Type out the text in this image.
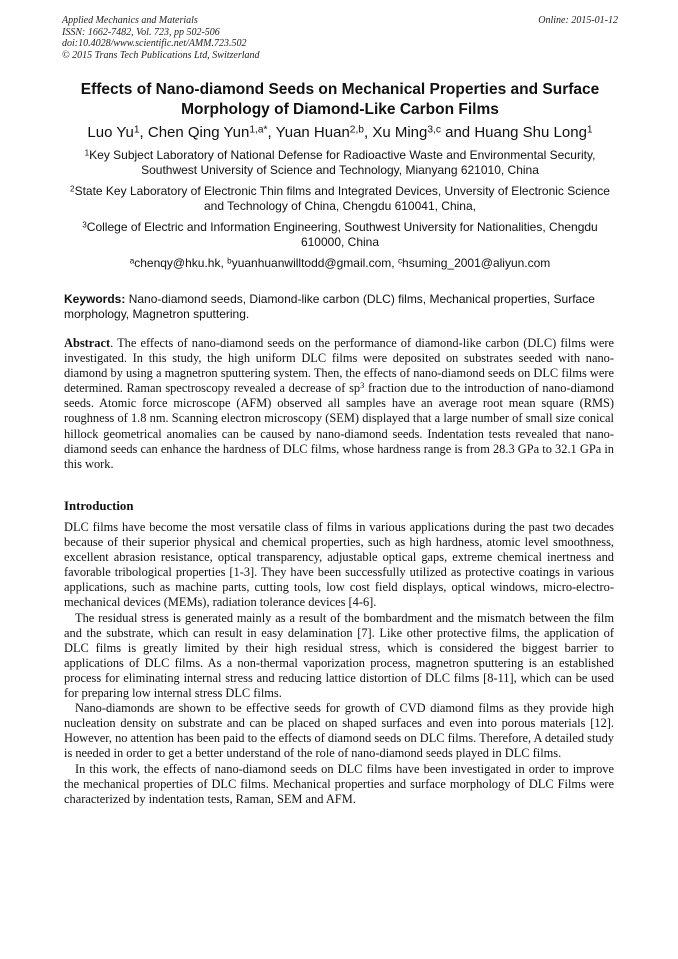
Applied Mechanics and Materials
ISSN: 1662-7482, Vol. 723, pp 502-506
doi:10.4028/www.scientific.net/AMM.723.502
© 2015 Trans Tech Publications Ltd, Switzerland
Online: 2015-01-12
Effects of Nano-diamond Seeds on Mechanical Properties and Surface Morphology of Diamond-Like Carbon Films
Luo Yu$^1$, Chen Qing Yun$^{1,a*}$, Yuan Huan$^{2,b}$, Xu Ming$^{3,c}$ and Huang Shu Long$^1$
$^1$Key Subject Laboratory of National Defense for Radioactive Waste and Environmental Security, Southwest University of Science and Technology, Mianyang 621010, China
$^2$State Key Laboratory of Electronic Thin films and Integrated Devices, Unversity of Electronic Science and Technology of China, Chengdu 610041, China,
$^3$College of Electric and Information Engineering, Southwest University for Nationalities, Chengdu 610000, China
$^a$chenqy@hku.hk, $^b$yuanhuanwilltodd@gmail.com, $^c$hsuming_2001@aliyun.com
Keywords: Nano-diamond seeds, Diamond-like carbon (DLC) films, Mechanical properties, Surface morphology, Magnetron sputtering.
Abstract. The effects of nano-diamond seeds on the performance of diamond-like carbon (DLC) films were investigated. In this study, the high uniform DLC films were deposited on substrates seeded with nano-diamond by using a magnetron sputtering system. Then, the effects of nano-diamond seeds on DLC films were determined. Raman spectroscopy revealed a decrease of $sp^3$ fraction due to the introduction of nano-diamond seeds. Atomic force microscope (AFM) observed all samples have an average root mean square (RMS) roughness of 1.8 nm. Scanning electron microscopy (SEM) displayed that a large number of small size conical hillock geometrical anomalies can be caused by nano-diamond seeds. Indentation tests revealed that nano-diamond seeds can enhance the hardness of DLC films, whose hardness range is from 28.3 GPa to 32.1 GPa in this work.
Introduction

DLC films have become the most versatile class of films in various applications during the past two decades because of their superior physical and chemical properties, such as high hardness, atomic level smoothness, excellent abrasion resistance, optical transparency, adjustable optical gaps, extreme chemical inertness and favorable tribological properties [1-3]. They have been successfully utilized as protective coatings in various applications, such as machine parts, cutting tools, low cost field displays, optical windows, micro-electro-mechanical devices (MEMs), radiation tolerance devices [4-6].

The residual stress is generated mainly as a result of the bombardment and the mismatch between the film and the substrate, which can result in easy delamination [7]. Like other protective films, the application of DLC films is greatly limited by their high residual stress, which is considered the biggest barrier to applications of DLC films. As a non-thermal vaporization process, magnetron sputtering is an established process for eliminating internal stress and reducing lattice distortion of DLC films [8-11], which can be used for preparing low internal stress DLC films.

Nano-diamonds are shown to be effective seeds for growth of CVD diamond films as they provide high nucleation density on substrate and can be placed on shaped surfaces and even into porous materials [12]. However, no attention has been paid to the effects of diamond seeds on DLC films. Therefore, A detailed study is needed in order to get a better understand of the role of nano-diamond seeds played in DLC films.

In this work, the effects of nano-diamond seeds on DLC films have been investigated in order to improve the mechanical properties of DLC films. Mechanical properties and surface morphology of DLC Films were characterized by indentation tests, Raman, SEM and AFM.
